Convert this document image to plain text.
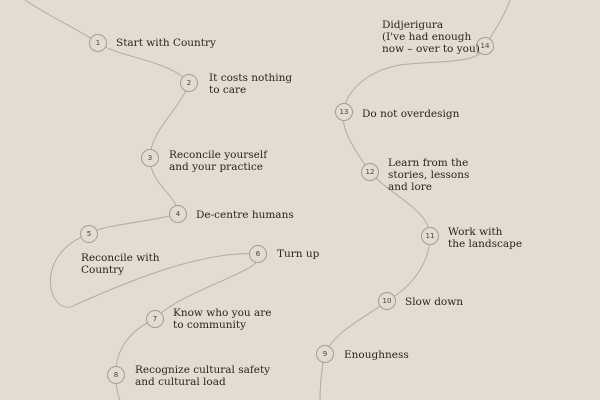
1	Start with Country
2	It costs nothing
to care
3	Reconcile yourself
and your practice
4	De-centre humans
5
Reconcile with
Country
6	Turn up
7	Know who you are
to community
8	Recognize cultural safety
and cultural load
9	Enoughness
10	Slow down
11	Work with
the landscape
12
Learn from the
stories, lessons
and lore
13	Do not overdesign
14
Didjerigura
(I've had enough
now – over to you)
